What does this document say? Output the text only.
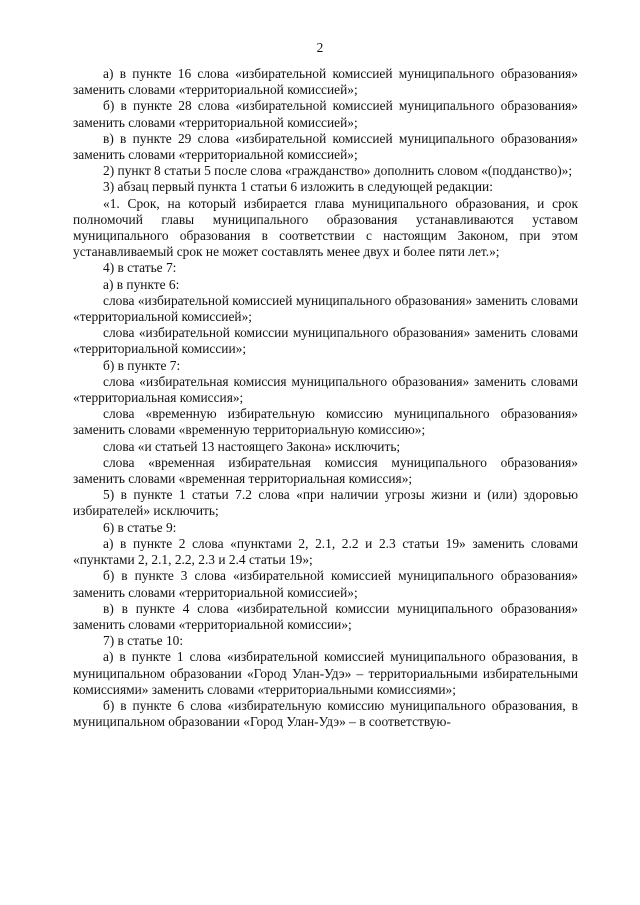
2

а) в пункте 16 слова «избирательной комиссией муниципального образования» заменить словами «территориальной комиссией»;

б) в пункте 28 слова «избирательной комиссией муниципального образования» заменить словами «территориальной комиссией»;

в) в пункте 29 слова «избирательной комиссией муниципального образования» заменить словами «территориальной комиссией»;

2) пункт 8 статьи 5 после слова «гражданство» дополнить словом «(подданство)»;

3) абзац первый пункта 1 статьи 6 изложить в следующей редакции:

«1. Срок, на который избирается глава муниципального образования, и срок полномочий главы муниципального образования устанавливаются уставом муниципального образования в соответствии с настоящим Законом, при этом устанавливаемый срок не может составлять менее двух и более пяти лет.»;

4) в статье 7:

а) в пункте 6:

слова «избирательной комиссией муниципального образования» заменить словами «территориальной комиссией»;

слова «избирательной комиссии муниципального образования» заменить словами «территориальной комиссии»;

б) в пункте 7:

слова «избирательная комиссия муниципального образования» заменить словами «территориальная комиссия»;

слова «временную избирательную комиссию муниципального образования» заменить словами «временную территориальную комиссию»;

слова «и статьей 13 настоящего Закона» исключить;

слова «временная избирательная комиссия муниципального образования» заменить словами «временная территориальная комиссия»;

5) в пункте 1 статьи 7.2 слова «при наличии угрозы жизни и (или) здоровью избирателей» исключить;

6) в статье 9:

а) в пункте 2 слова «пунктами 2, 2.1, 2.2 и 2.3 статьи 19» заменить словами «пунктами 2, 2.1, 2.2, 2.3 и 2.4 статьи 19»;

б) в пункте 3 слова «избирательной комиссией муниципального образования» заменить словами «территориальной комиссией»;

в) в пункте 4 слова «избирательной комиссии муниципального образования» заменить словами «территориальной комиссии»;

7) в статье 10:

а) в пункте 1 слова «избирательной комиссией муниципального образования, в муниципальном образовании «Город Улан-Удэ» – территориальными избирательными комиссиями» заменить словами «территориальными комиссиями»;

б) в пункте 6 слова «избирательную комиссию муниципального образования, в муниципальном образовании «Город Улан-Удэ» – в соответствую-
